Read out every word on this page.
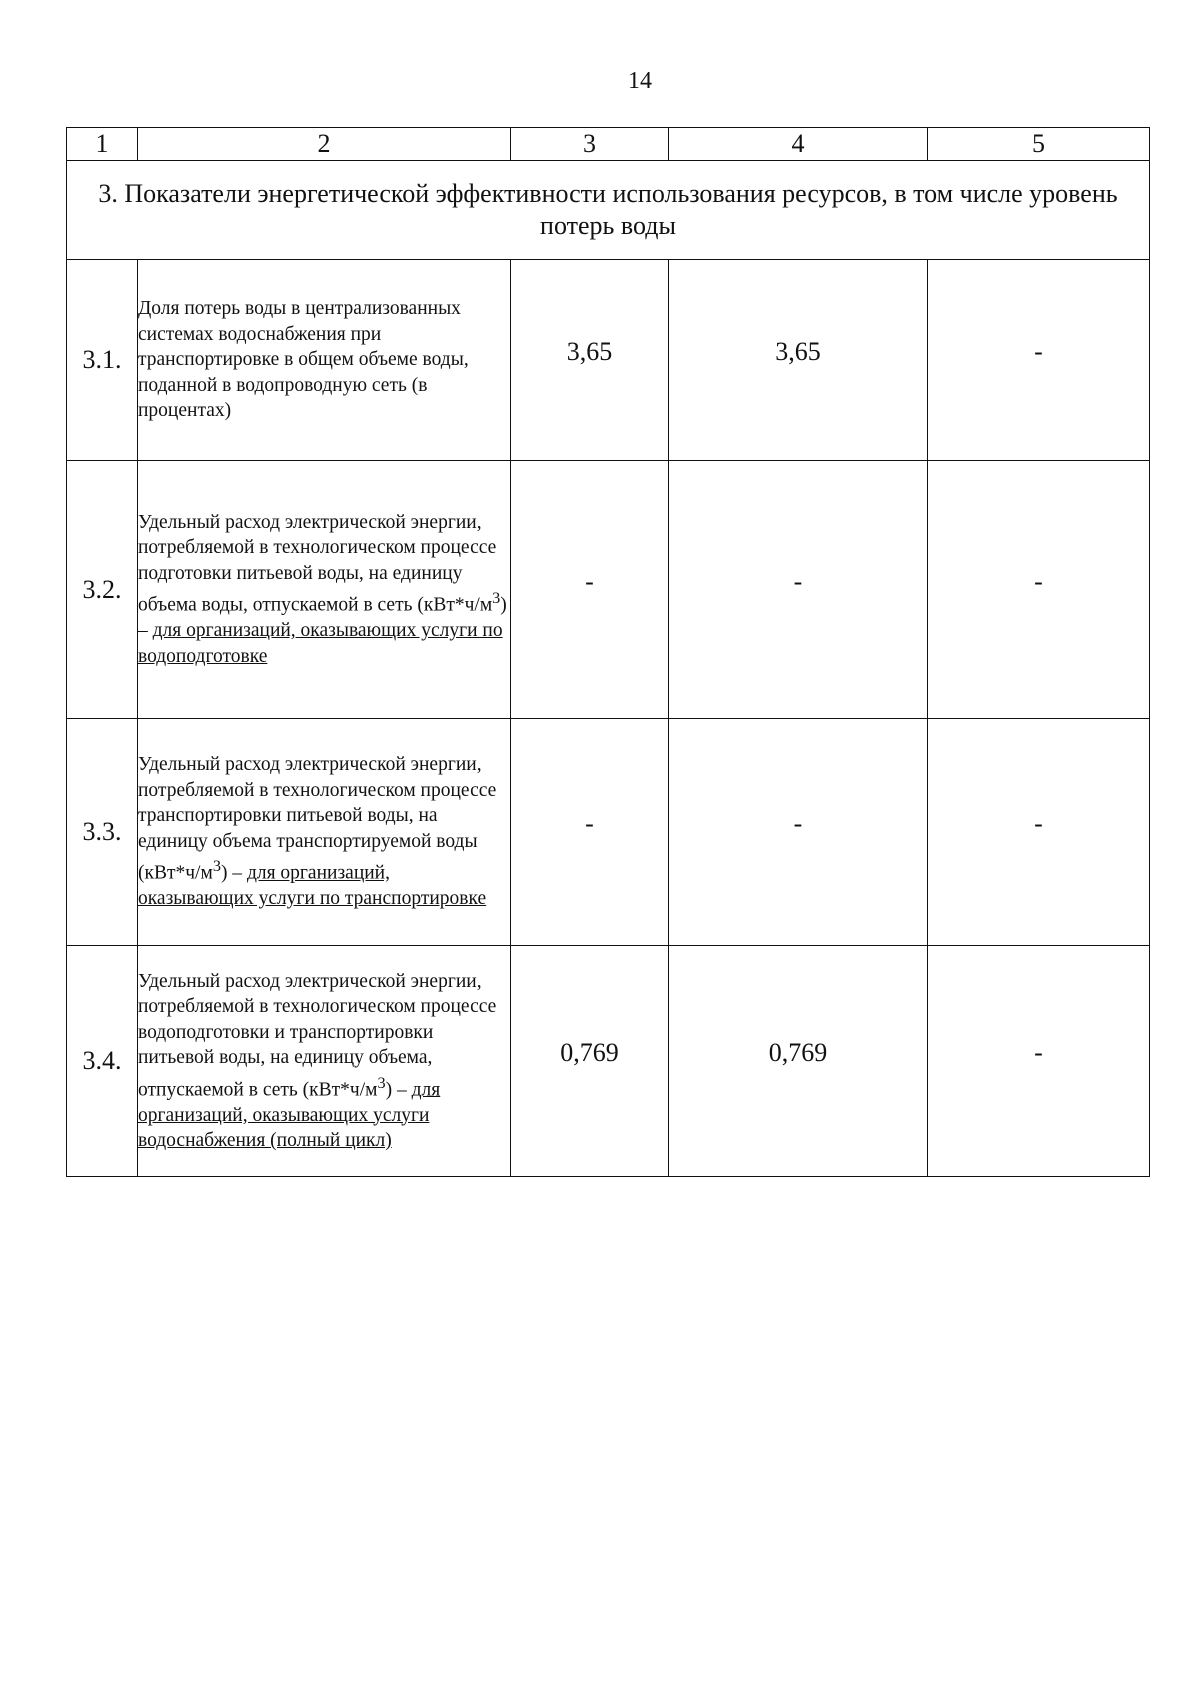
14
1	2	3	4	5
3. Показатели энергетической эффективности использования ресурсов, в том числе уровень потерь воды				
3.1.	Доля потерь воды в централизованных системах водоснабжения при транспортировке в общем объеме воды, поданной в водопроводную сеть (в процентах)	3,65	3,65	-
3.2.	Удельный расход электрической энергии, потребляемой в технологическом процессе подготовки питьевой воды, на единицу объема воды, отпускаемой в сеть $(кВт*ч/м^3)$ – для организаций, оказывающих услуги по водоподготовке	-	-	-
3.3.	Удельный расход электрической энергии, потребляемой в технологическом процессе транспортировки питьевой воды, на единицу объема транспортируемой воды $(кВт*ч/м^3)$ – для организаций, оказывающих услуги по транспортировке	-	-	-
3.4.	Удельный расход электрической энергии, потребляемой в технологическом процессе водоподготовки и транспортировки питьевой воды, на единицу объема, отпускаемой в сеть $(кВт*ч/м^3)$ – для организаций, оказывающих услуги водоснабжения (полный цикл)	0,769	0,769	-
